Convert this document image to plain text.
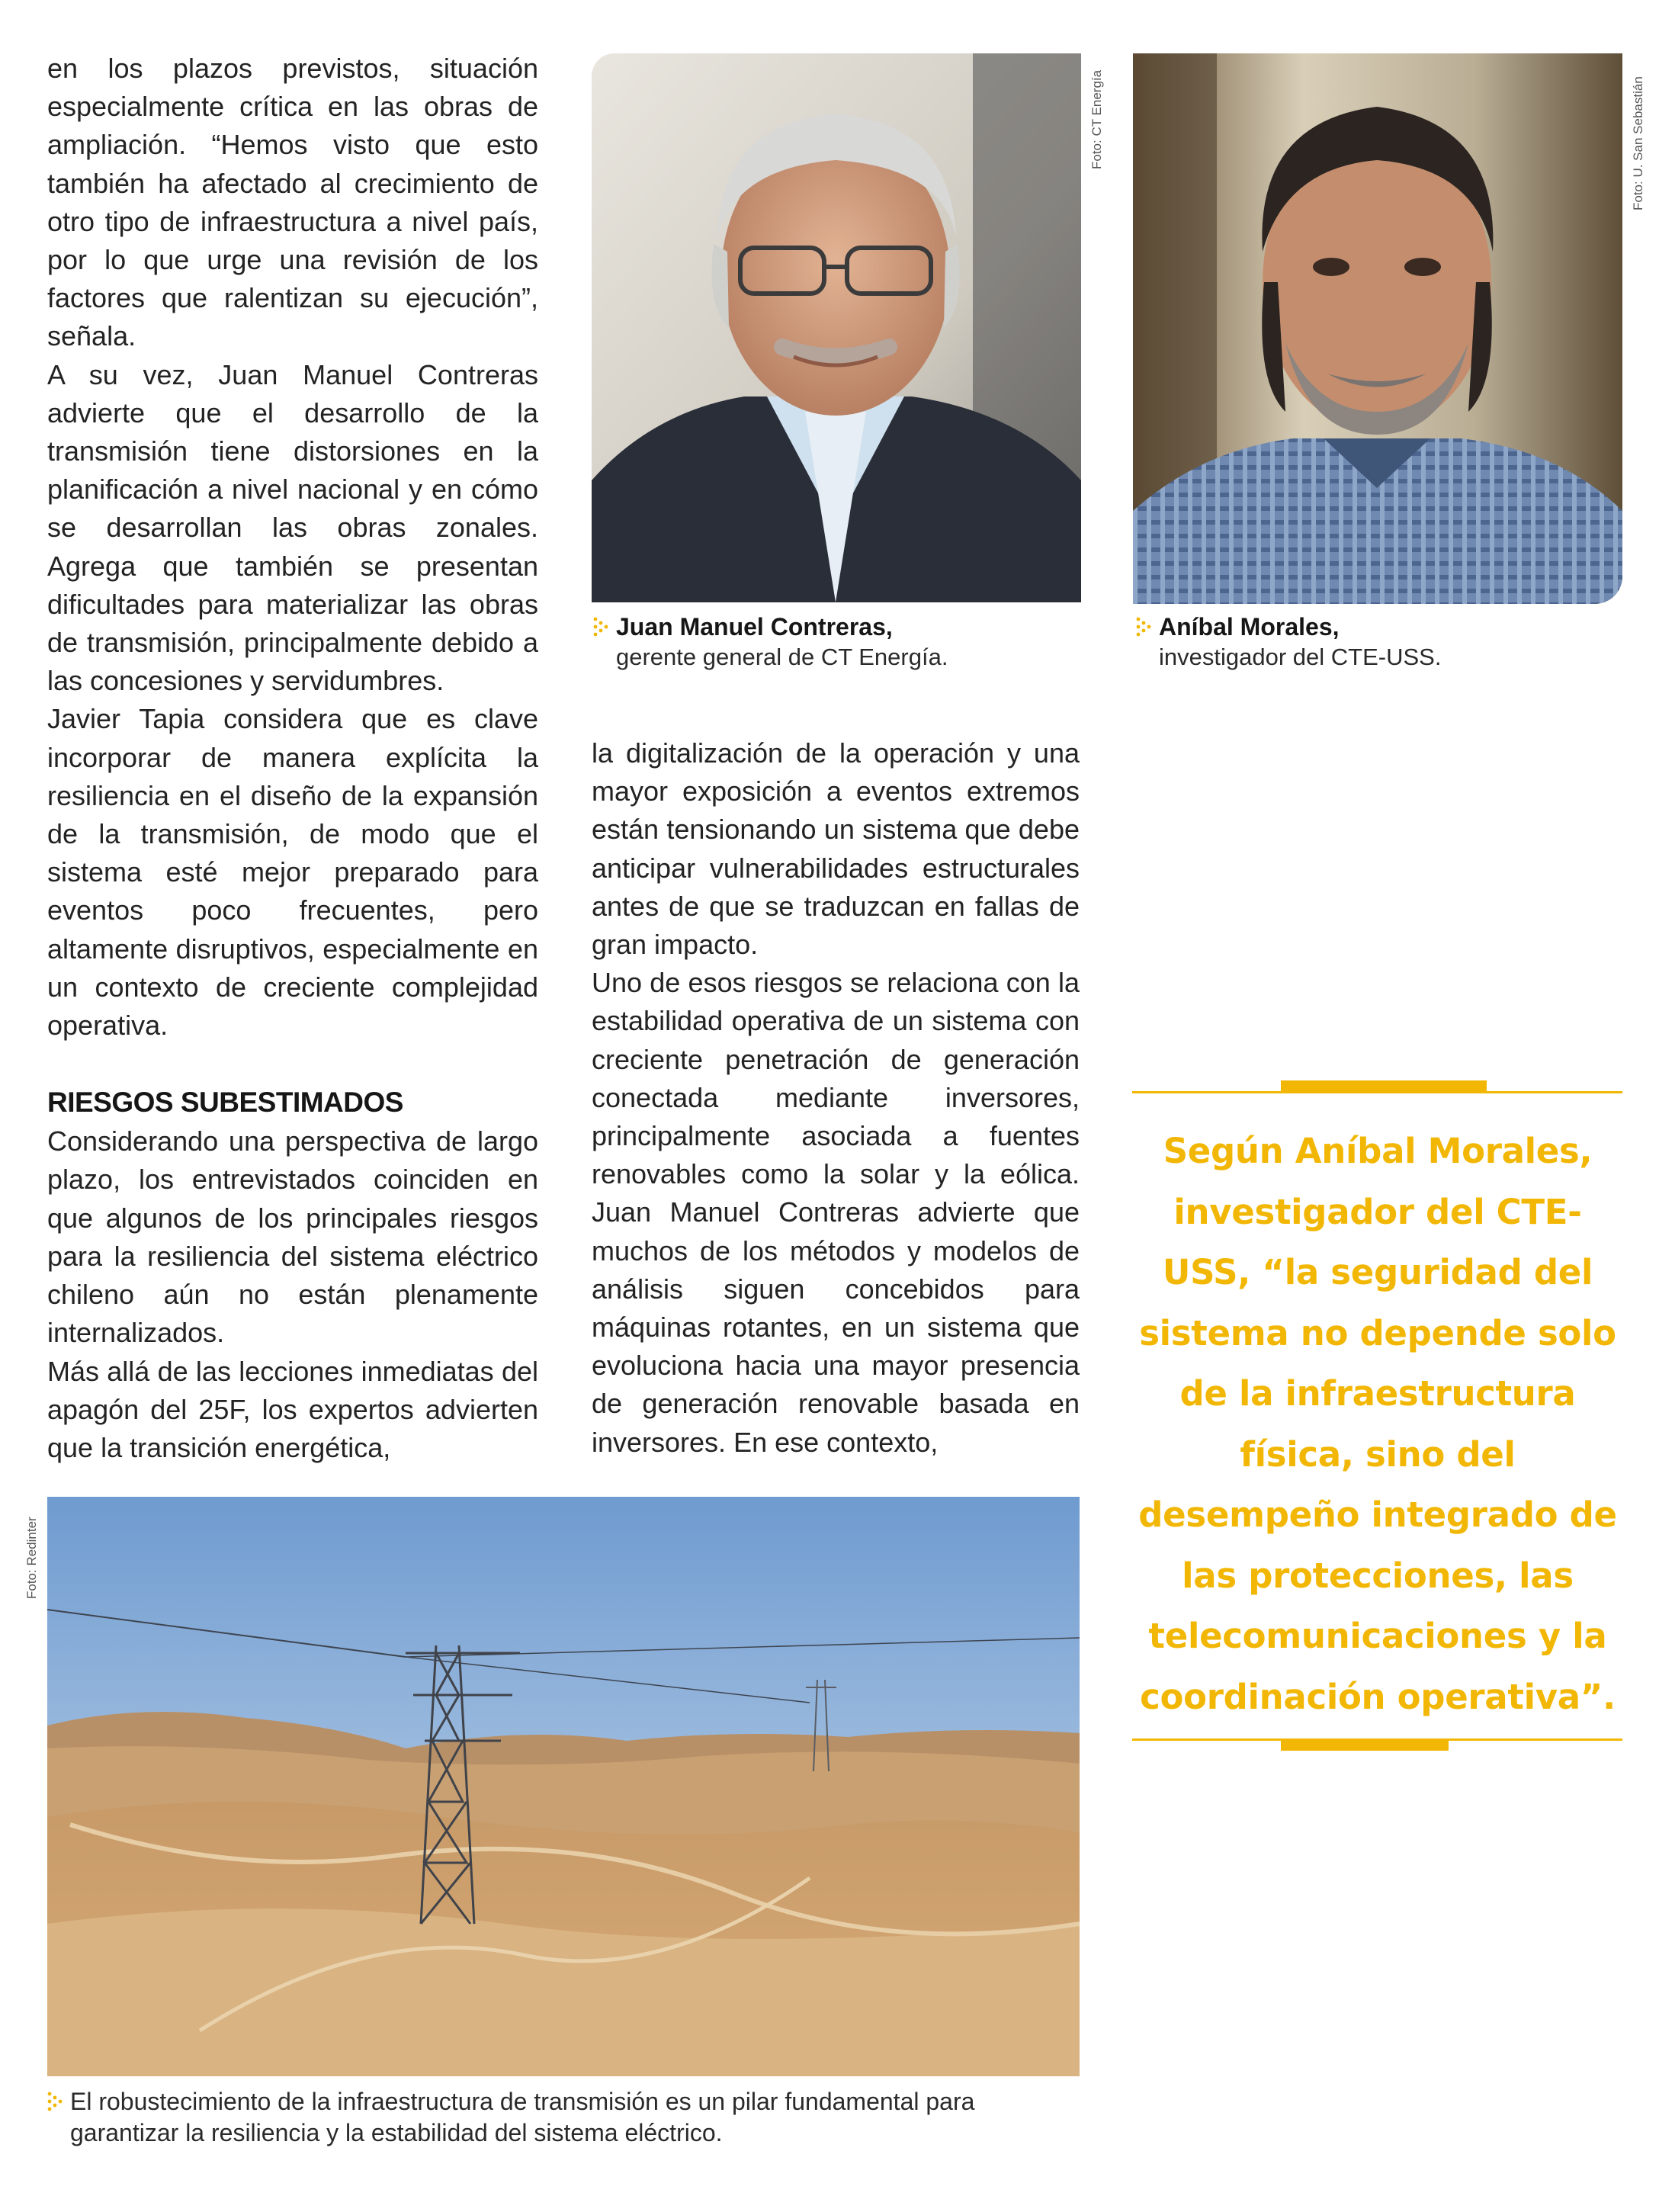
en los plazos previstos, situación especialmente crítica en las obras de ampliación. “Hemos visto que esto también ha afectado al crecimiento de otro tipo de infraestructura a nivel país, por lo que urge una revisión de los factores que ralentizan su ejecución”, señala.

A su vez, Juan Manuel Contreras advierte que el desarrollo de la transmisión tiene distorsiones en la planificación a nivel nacional y en cómo se desarrollan las obras zonales. Agrega que también se presentan dificultades para materializar las obras de transmisión, principalmente debido a las concesiones y servidumbres.

Javier Tapia considera que es clave incorporar de manera explícita la resiliencia en el diseño de la expansión de la transmisión, de modo que el sistema esté mejor preparado para eventos poco frecuentes, pero altamente disruptivos, especialmente en un contexto de creciente complejidad operativa.

RIESGOS SUBESTIMADOS

Considerando una perspectiva de largo plazo, los entrevistados coinciden en que algunos de los principales riesgos para la resiliencia del sistema eléctrico chileno aún no están plenamente internalizados.

Más allá de las lecciones inmediatas del apagón del 25F, los expertos advierten que la transición energética,

la digitalización de la operación y una mayor exposición a eventos extremos están tensionando un sistema que debe anticipar vulnerabilidades estructurales antes de que se traduzcan en fallas de gran impacto.

Uno de esos riesgos se relaciona con la estabilidad operativa de un sistema con creciente penetración de generación conectada mediante inversores, principalmente asociada a fuentes renovables como la solar y la eólica. Juan Manuel Contreras advierte que muchos de los métodos y modelos de análisis siguen concebidos para máquinas rotantes, en un sistema que evoluciona hacia una mayor presencia de generación renovable basada en inversores. En ese contexto,

Foto: CT Energía
Juan Manuel Contreras,
gerente general de CT Energía.
Foto: U. San Sebastián
Aníbal Morales,
investigador del CTE-USS.
Según Aníbal Morales, investigador del CTE-USS, “la seguridad del sistema no depende solo de la infraestructura física, sino del desempeño integrado de las protecciones, las telecomunicaciones y la coordinación operativa”.
Foto: Redinter
El robustecimiento de la infraestructura de transmisión es un pilar fundamental para garantizar la resiliencia y la estabilidad del sistema eléctrico.
